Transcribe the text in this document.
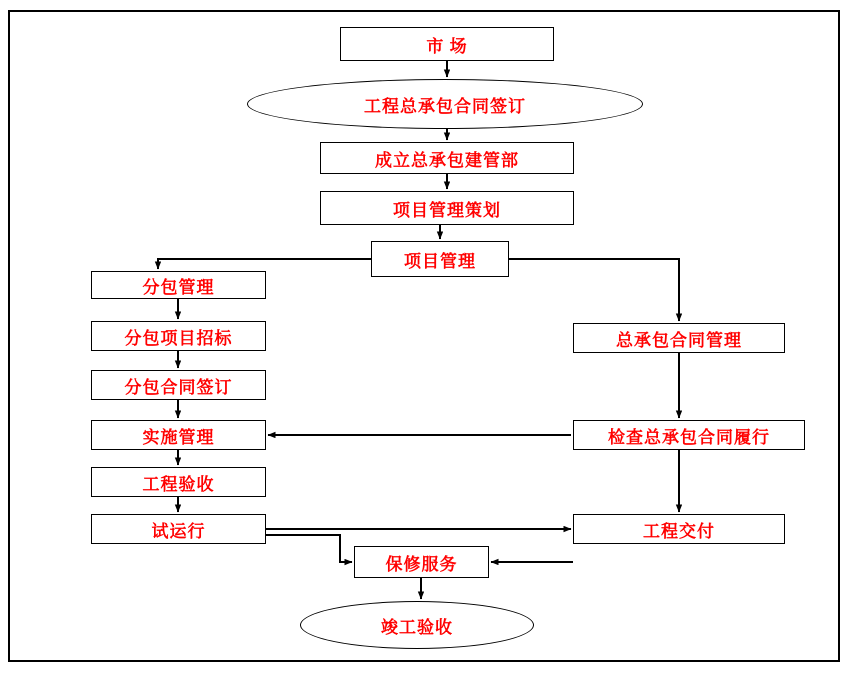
市 场
工程总承包合同签订
成立总承包建管部
项目管理策划
项目管理
分包管理
分包项目招标
分包合同签订
实施管理
工程验收
试运行
总承包合同管理
检查总承包合同履行
工程交付
保修服务
竣工验收
